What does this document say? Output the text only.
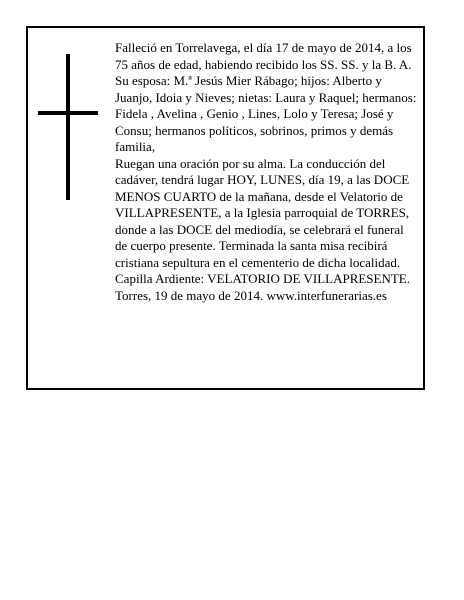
Falleció en Torrelavega, el día 17 de mayo de 2014, a los 75 años de edad, habiendo recibido los SS. SS. y la B. A.

Su esposa: M.ª Jesús Mier Rábago; hijos: Alberto y Juanjo, Idoia y Nieves; nietas: Laura y Raquel; hermanos: Fidela , Avelina , Genio , Lines, Lolo y Teresa; José y Consu; hermanos políticos, sobrinos, primos y demás familia,

Ruegan una oración por su alma. La conducción del cadáver, tendrá lugar HOY, LUNES, día 19, a las DOCE MENOS CUARTO de la mañana, desde el Velatorio de VILLAPRESENTE, a la Iglesia parroquial de TORRES, donde a las DOCE del mediodía, se celebrará el funeral de cuerpo presente. Terminada la santa misa recibirá cristiana sepultura en el cementerio de dicha localidad. Capilla Ardiente: VELATORIO DE VILLAPRESENTE.

Torres, 19 de mayo de 2014. www.interfunerarias.es
